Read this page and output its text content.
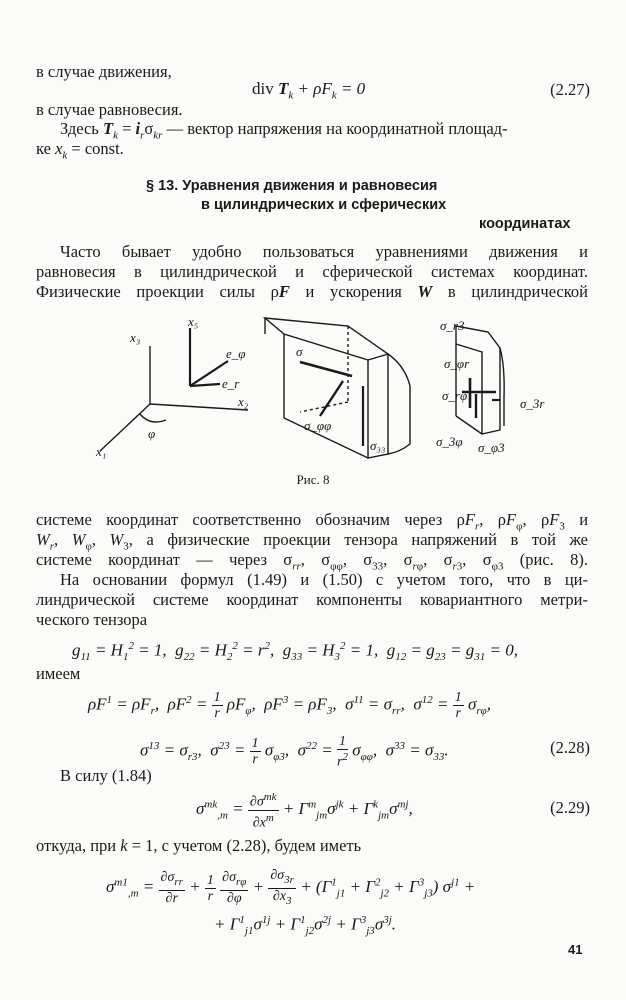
в случае движения,
div $T_k + \rho F_k = 0$	(2.27)
в случае равновесия.
Здесь $T_k = i_r\sigma_{kr}$ — вектор напряжения на координатной площад-
ке $x_k$ = const.
§ 13. Уравнения движения и равновесия
в цилиндрических и сферических
координатах
Часто бывает удобно пользоваться уравнениями движения и
равновесия в цилиндрической и сферической системах координат.
Физические проекции силы ρF и ускорения W в цилиндрической
x₃
x₅
e_φ
e_r
x₂
x₁
φ
σ
σ_φφ
σ₃₃
σ_r3
σ_φr
σ_rφ
σ_3r
σ_3φ σ_φ3
Рис. 8
системе координат соответственно обозначим через $\rho F_r$, $\rho F_\varphi$, $\rho F_3$ и
$W_r$, $W_\varphi$, $W_3$, а физические проекции тензора напряжений в той же
системе координат — через $\sigma_{rr}$, $\sigma_{\varphi\varphi}$, $\sigma_{33}$, $\sigma_{r\varphi}$, $\sigma_{r3}$, $\sigma_{\varphi 3}$ (рис. 8).
На основании формул (1.49) и (1.50) с учетом того, что в ци-
линдрической системе координат компоненты ковариантного метри-
ческого тензора
$g_{11} = H_1^2 = 1$,  $g_{22} = H_2^2 = r^2$,  $g_{33} = H_3^2 = 1$,  $g_{12} = g_{23} = g_{31} = 0$,
имеем
$\rho F^1 = \rho F_r$,  $\rho F^2 = \frac{1}{r} \rho F_\varphi$,  $\rho F^3 = \rho F_3$,  $\sigma^{11} = \sigma_{rr}$,  $\sigma^{12} = \frac{1}{r} \sigma_{r\varphi}$,
$\sigma^{13} = \sigma_{r3}$,  $\sigma^{23} = \frac{1}{r} \sigma_{\varphi 3}$,  $\sigma^{22} = \frac{1}{r^2} \sigma_{\varphi\varphi}$,  $\sigma^{33} = \sigma_{33}$.	(2.28)
В силу (1.84)
$\sigma^{mk}_{,m} = \frac{\partial\sigma^{mk}}{\partial x^m} + \Gamma^m_{jm}\sigma^{jk} + \Gamma^k_{jm}\sigma^{mj}$,	(2.29)
откуда, при k = 1, с учетом (2.28), будем иметь
$\sigma^{m1}_{,m} = \frac{\partial\sigma_{rr}}{\partial r} + \frac{1}{r}$
$\frac{\partial\sigma_{r\varphi}}{\partial\varphi} + \frac{\partial\sigma_{3r}}{\partial x_3} + (\Gamma^1_{j1} + \Gamma^2_{j2} + \Gamma^3_{j3}) \sigma^{j1}$ +
+ $\Gamma^1_{j1}\sigma^{1j} + \Gamma^1_{j2}\sigma^{2j} + \Gamma^3_{j3}\sigma^{3j}$.
41
